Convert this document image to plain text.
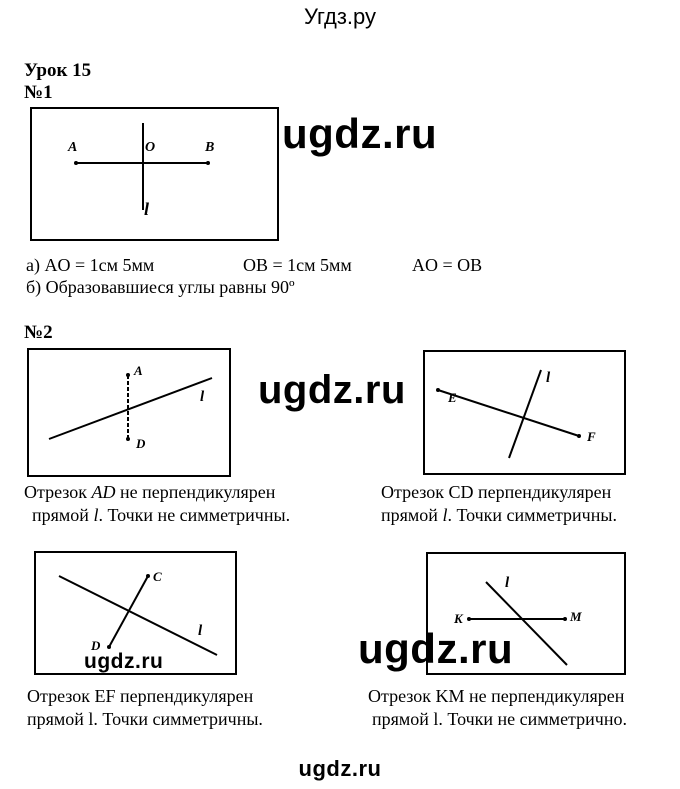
Угдз.ру
Урок 15
№1
A	O	B
l
ugdz.ru
а) AO = 1см 5мм	OB = 1см 5мм	AO = OB
б) Образовавшиеся углы равны 90º
№2
A
D
l	E
F
l
ugdz.ru
Отрезок AD не перпендикулярен
прямой l. Точки не симметричны.
Отрезок CD перпендикулярен
прямой l. Точки симметричны.
C
D
l
ugdz.ru
K	M
l
ugdz.ru
Отрезок EF перпендикулярен
прямой l. Точки симметричны.
Отрезок KM не перпендикулярен
прямой l. Точки не симметрично.
ugdz.ru
